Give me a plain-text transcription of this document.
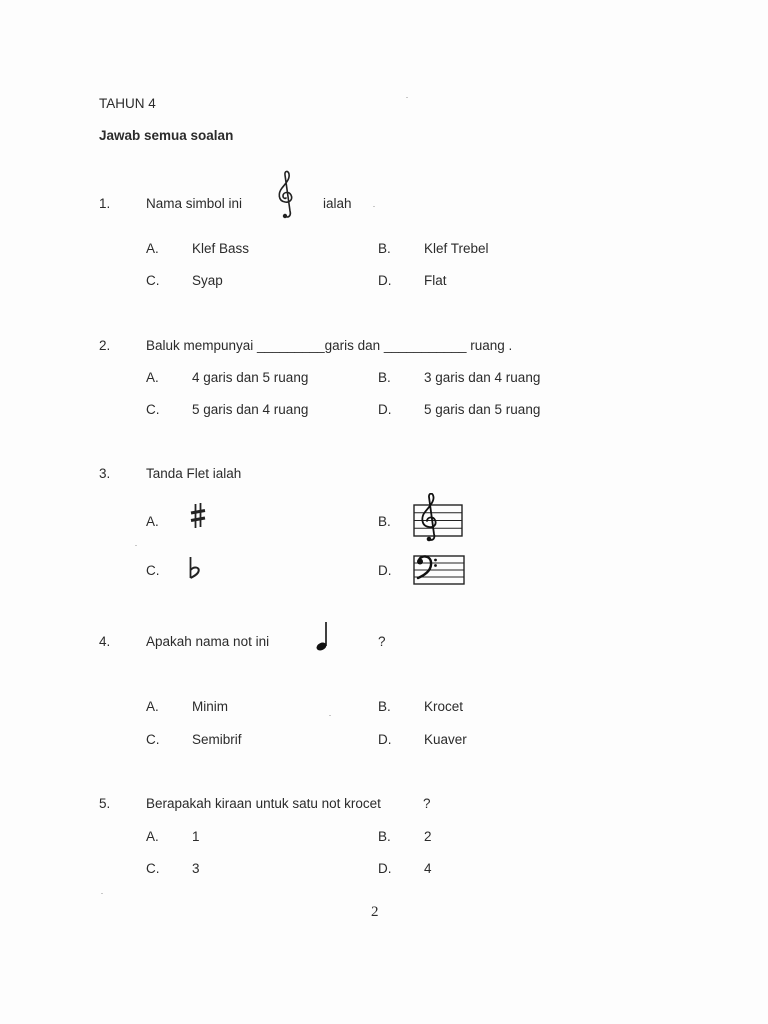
TAHUN 4
Jawab semua soalan
1.	Nama simbol ini	ialah
A. Klef Bass	B. Klef Trebel
C. Syap	D. Flat
2.	Baluk mempunyai _________garis dan ___________ ruang .
A. 4 garis dan 5 ruang	B. 3 garis dan 4 ruang
C. 5 garis dan 4 ruang	D. 5 garis dan 5 ruang
3.	Tanda Flet ialah
A.	B.
C.	D.
4.	Apakah nama not ini	?
A. Minim	B. Krocet
C. Semibrif	D. Kuaver
5.	Berapakah kiraan untuk satu not krocet	?
A. 1	B. 2
C. 3	D. 4
2
